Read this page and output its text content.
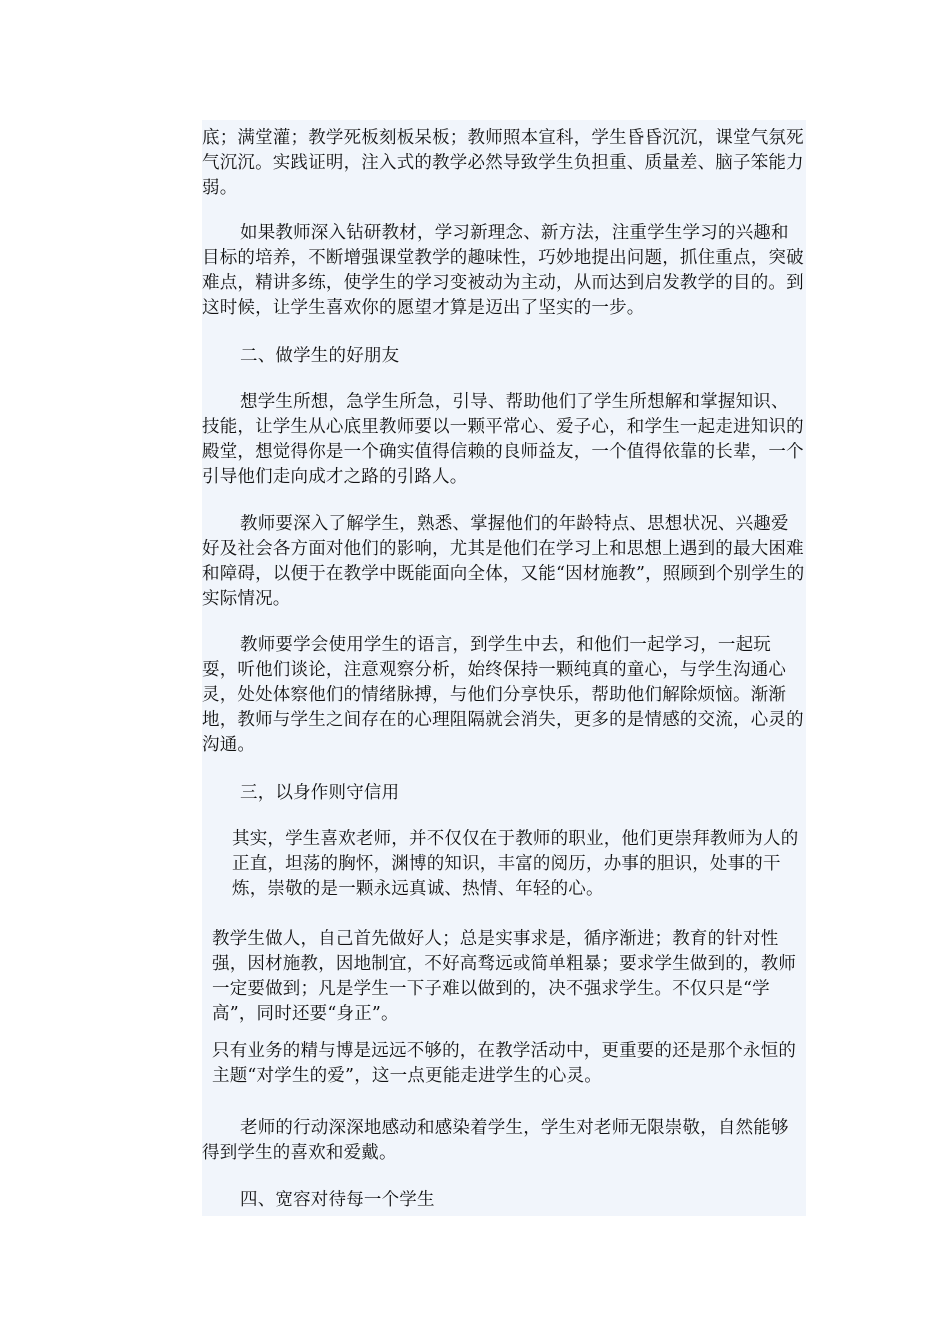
底；满堂灌；教学死板刻板呆板；教师照本宣科，学生昏昏沉沉，课堂气氛死气沉沉。实践证明，注入式的教学必然导致学生负担重、质量差、脑子笨能力弱。

如果教师深入钻研教材，学习新理念、新方法，注重学生学习的兴趣和目标的培养，不断增强课堂教学的趣味性，巧妙地提出问题，抓住重点，突破难点，精讲多练，使学生的学习变被动为主动，从而达到启发教学的目的。到这时候，让学生喜欢你的愿望才算是迈出了坚实的一步。

二、做学生的好朋友

想学生所想，急学生所急，引导、帮助他们了学生所想解和掌握知识、技能，让学生从心底里教师要以一颗平常心、爱子心，和学生一起走进知识的殿堂，想觉得你是一个确实值得信赖的良师益友，一个值得依靠的长辈，一个引导他们走向成才之路的引路人。

教师要深入了解学生，熟悉、掌握他们的年龄特点、思想状况、兴趣爱好及社会各方面对他们的影响，尤其是他们在学习上和思想上遇到的最大困难和障碍，以便于在教学中既能面向全体，又能“因材施教”，照顾到个别学生的实际情况。

教师要学会使用学生的语言，到学生中去，和他们一起学习，一起玩耍，听他们谈论，注意观察分析，始终保持一颗纯真的童心，与学生沟通心灵，处处体察他们的情绪脉搏，与他们分享快乐，帮助他们解除烦恼。渐渐地，教师与学生之间存在的心理阻隔就会消失，更多的是情感的交流，心灵的沟通。

三，以身作则守信用

其实，学生喜欢老师，并不仅仅在于教师的职业，他们更崇拜教师为人的正直，坦荡的胸怀，渊博的知识，丰富的阅历，办事的胆识，处事的干炼，崇敬的是一颗永远真诚、热情、年轻的心。

教学生做人，自己首先做好人；总是实事求是，循序渐进；教育的针对性强，因材施教，因地制宜，不好高骛远或简单粗暴；要求学生做到的，教师一定要做到；凡是学生一下子难以做到的，决不强求学生。不仅只是“学高”，同时还要“身正”。

只有业务的精与博是远远不够的，在教学活动中，更重要的还是那个永恒的主题“对学生的爱”，这一点更能走进学生的心灵。

老师的行动深深地感动和感染着学生，学生对老师无限崇敬，自然能够得到学生的喜欢和爱戴。

四、宽容对待每一个学生
